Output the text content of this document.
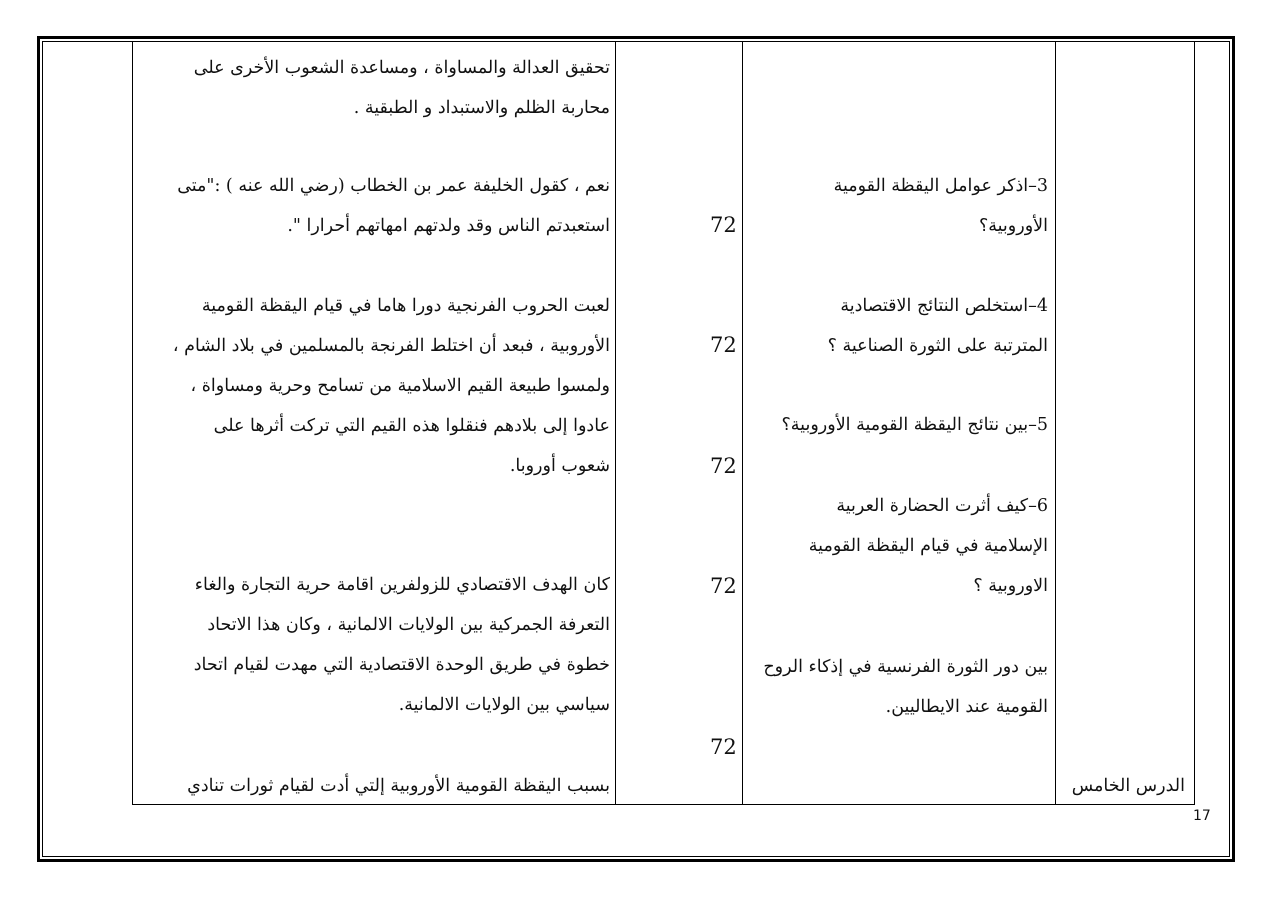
تحقيق العدالة والمساواة ، ومساعدة الشعوب الأخرى على
محاربة الظلم والاستبداد و الطبقية .
نعم ، كقول الخليفة عمر بن الخطاب (رضي الله عنه ) :"متى
استعبدتم الناس وقد ولدتهم امهاتهم أحرارا ".
لعبت الحروب الفرنجية دورا هاما في قيام اليقظة القومية
الأوروبية ، فبعد أن اختلط الفرنجة بالمسلمين في بلاد الشام ،
ولمسوا طبيعة القيم الاسلامية من تسامح وحرية ومساواة ،
عادوا إلى بلادهم فنقلوا هذه القيم التي تركت أثرها على
شعوب أوروبا.
كان الهدف الاقتصادي للزولفرين اقامة حرية التجارة والغاء
التعرفة الجمركية بين الولايات الالمانية ، وكان هذا الاتحاد
خطوة في طريق الوحدة الاقتصادية التي مهدت لقيام اتحاد
سياسي بين الولايات الالمانية.
بسبب اليقظة القومية الأوروبية إلتي أدت لقيام ثورات تنادي
72
72
72
72
72
3–اذكر عوامل اليقظة القومية
الأوروبية؟
4–استخلص النتائج الاقتصادية
المترتبة على الثورة الصناعية ؟
5–بين نتائج اليقظة القومية الأوروبية؟
6–كيف أثرت الحضارة العربية
الإسلامية في قيام اليقظة القومية
الاوروبية ؟
بين دور الثورة الفرنسية في إذكاء الروح
القومية عند الايطاليين.
الدرس الخامس
17
